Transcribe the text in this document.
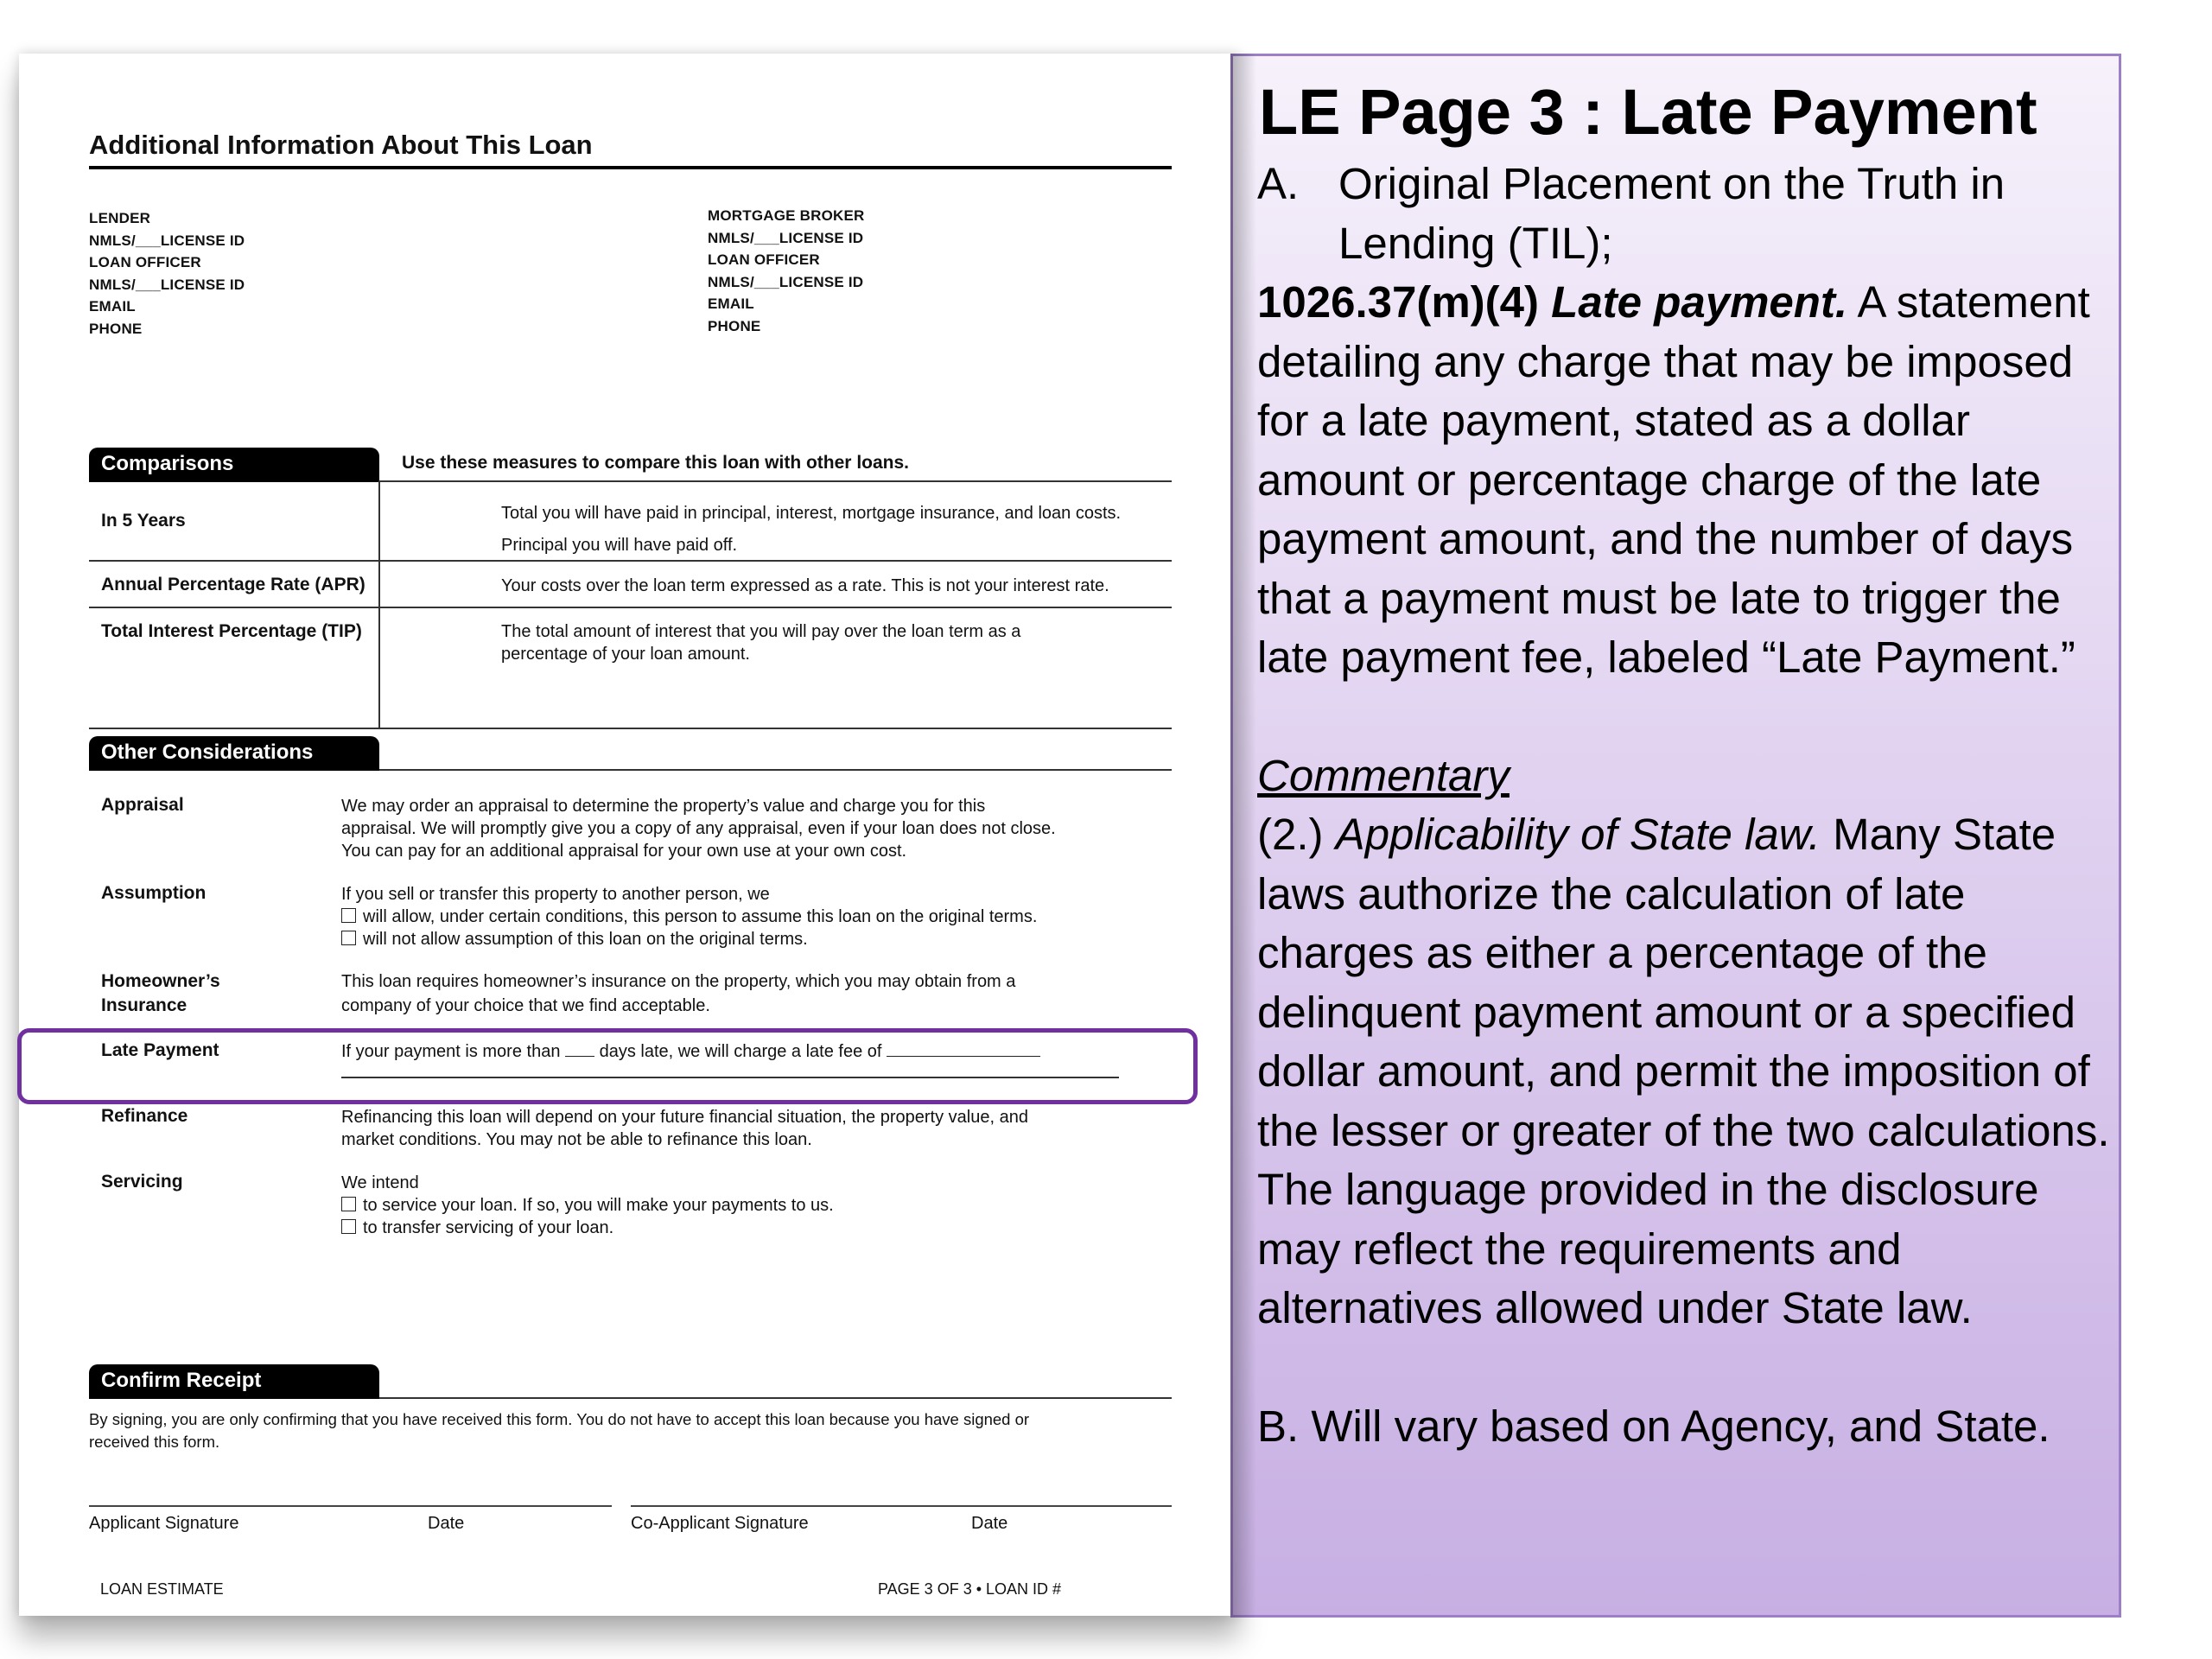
Additional Information About This Loan
LENDER
NMLS/___LICENSE ID
LOAN OFFICER
NMLS/___LICENSE ID
EMAIL
PHONE
MORTGAGE BROKER
NMLS/___LICENSE ID
LOAN OFFICER
NMLS/___LICENSE ID
EMAIL
PHONE
Comparisons	Use these measures to compare this loan with other loans.
In 5 Years	Total you will have paid in principal, interest, mortgage insurance, and loan costs.
Principal you will have paid off.
Annual Percentage Rate (APR)	Your costs over the loan term expressed as a rate. This is not your interest rate.
Total Interest Percentage (TIP)	The total amount of interest that you will pay over the loan term as a
percentage of your loan amount.
Other Considerations
Appraisal	We may order an appraisal to determine the property’s value and charge you for this
appraisal. We will promptly give you a copy of any appraisal, even if your loan does not close.
You can pay for an additional appraisal for your own use at your own cost.
Assumption	If you sell or transfer this property to another person, we
will allow, under certain conditions, this person to assume this loan on the original terms.
will not allow assumption of this loan on the original terms.
Homeowner’s
Insurance
This loan requires homeowner’s insurance on the property, which you may obtain from a
company of your choice that we find acceptable.
Late Payment	If your payment is more than days late, we will charge a late fee of
Refinance	Refinancing this loan will depend on your future financial situation, the property value, and
market conditions. You may not be able to refinance this loan.
Servicing	We intend
to service your loan. If so, you will make your payments to us.
to transfer servicing of your loan.
Confirm Receipt
By signing, you are only confirming that you have received this form. You do not have to accept this loan because you have signed or
received this form.
Applicant Signature	Date	Co-Applicant Signature	Date
LOAN ESTIMATE	PAGE 3 OF 3 • LOAN ID #
LE Page 3 : Late Payment
A. Original Placement on the Truth in Lending (TIL);

1026.37(m)(4) Late payment. A statement detailing any charge that may be imposed for a late payment, stated as a dollar amount or percentage charge of the late payment amount, and the number of days that a payment must be late to trigger the late payment fee, labeled “Late Payment.”

Commentary

(2.) Applicability of State law. Many State laws authorize the calculation of late charges as either a percentage of the delinquent payment amount or a specified dollar amount, and permit the imposition of the lesser or greater of the two calculations. The language provided in the disclosure may reflect the requirements and alternatives allowed under State law.

B. Will vary based on Agency, and State.
